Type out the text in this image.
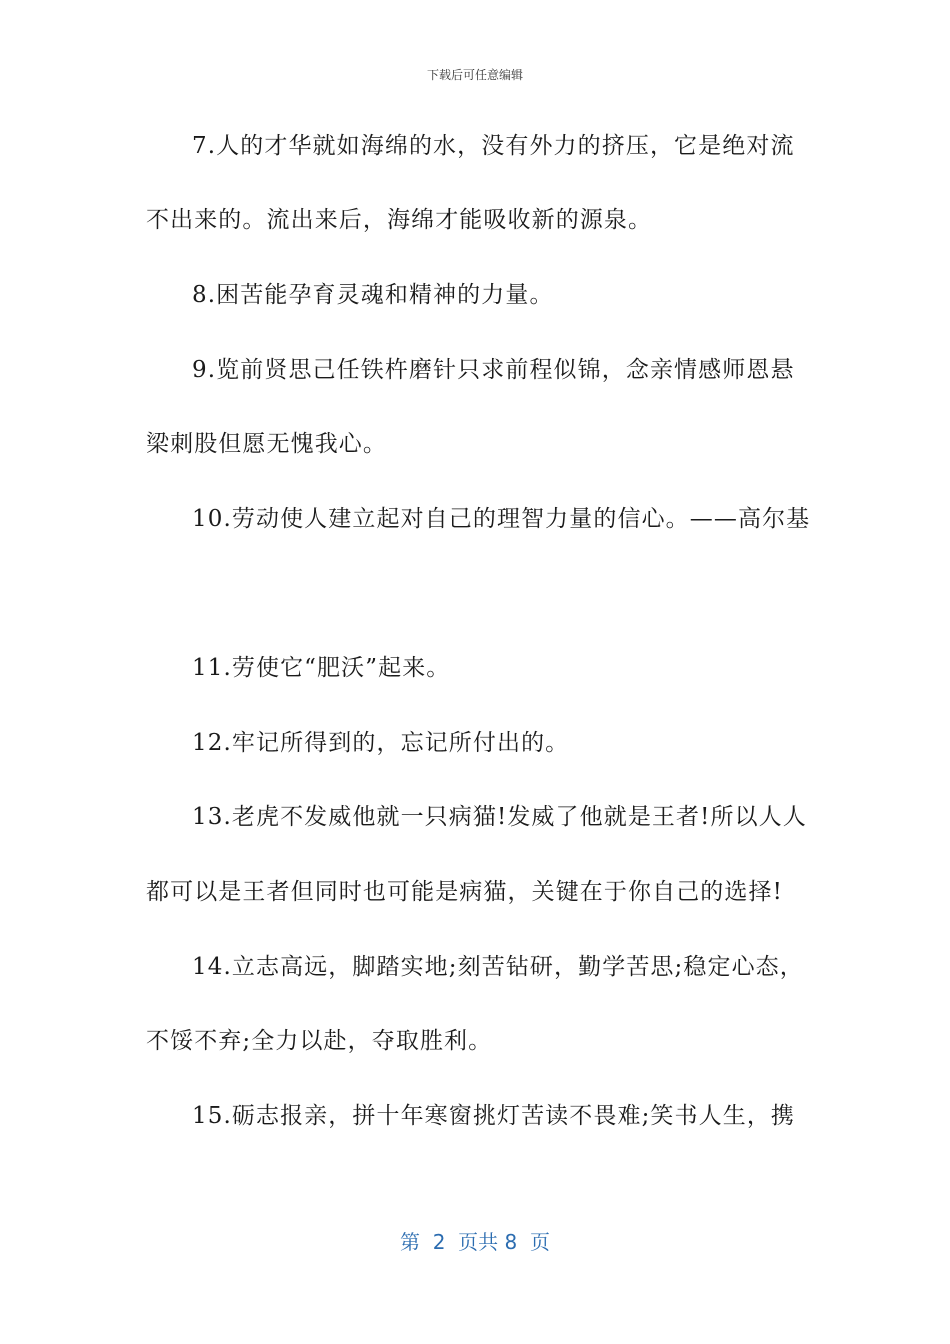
下载后可任意编辑
7.人的才华就如海绵的水，没有外力的挤压，它是绝对流
不出来的。流出来后，海绵才能吸收新的源泉。
8.困苦能孕育灵魂和精神的力量。
9.览前贤思己任铁杵磨针只求前程似锦，念亲情感师恩悬
梁刺股但愿无愧我心。
10.劳动使人建立起对自己的理智力量的信心。——高尔基
11.劳使它“肥沃”起来。
12.牢记所得到的，忘记所付出的。
13.老虎不发威他就一只病猫!发威了他就是王者!所以人人
都可以是王者但同时也可能是病猫，关键在于你自己的选择!
14.立志高远，脚踏实地;刻苦钻研，勤学苦思;稳定心态，
不馁不弃;全力以赴，夺取胜利。
15.砺志报亲，拼十年寒窗挑灯苦读不畏难;笑书人生，携
第  2  页共 8  页
